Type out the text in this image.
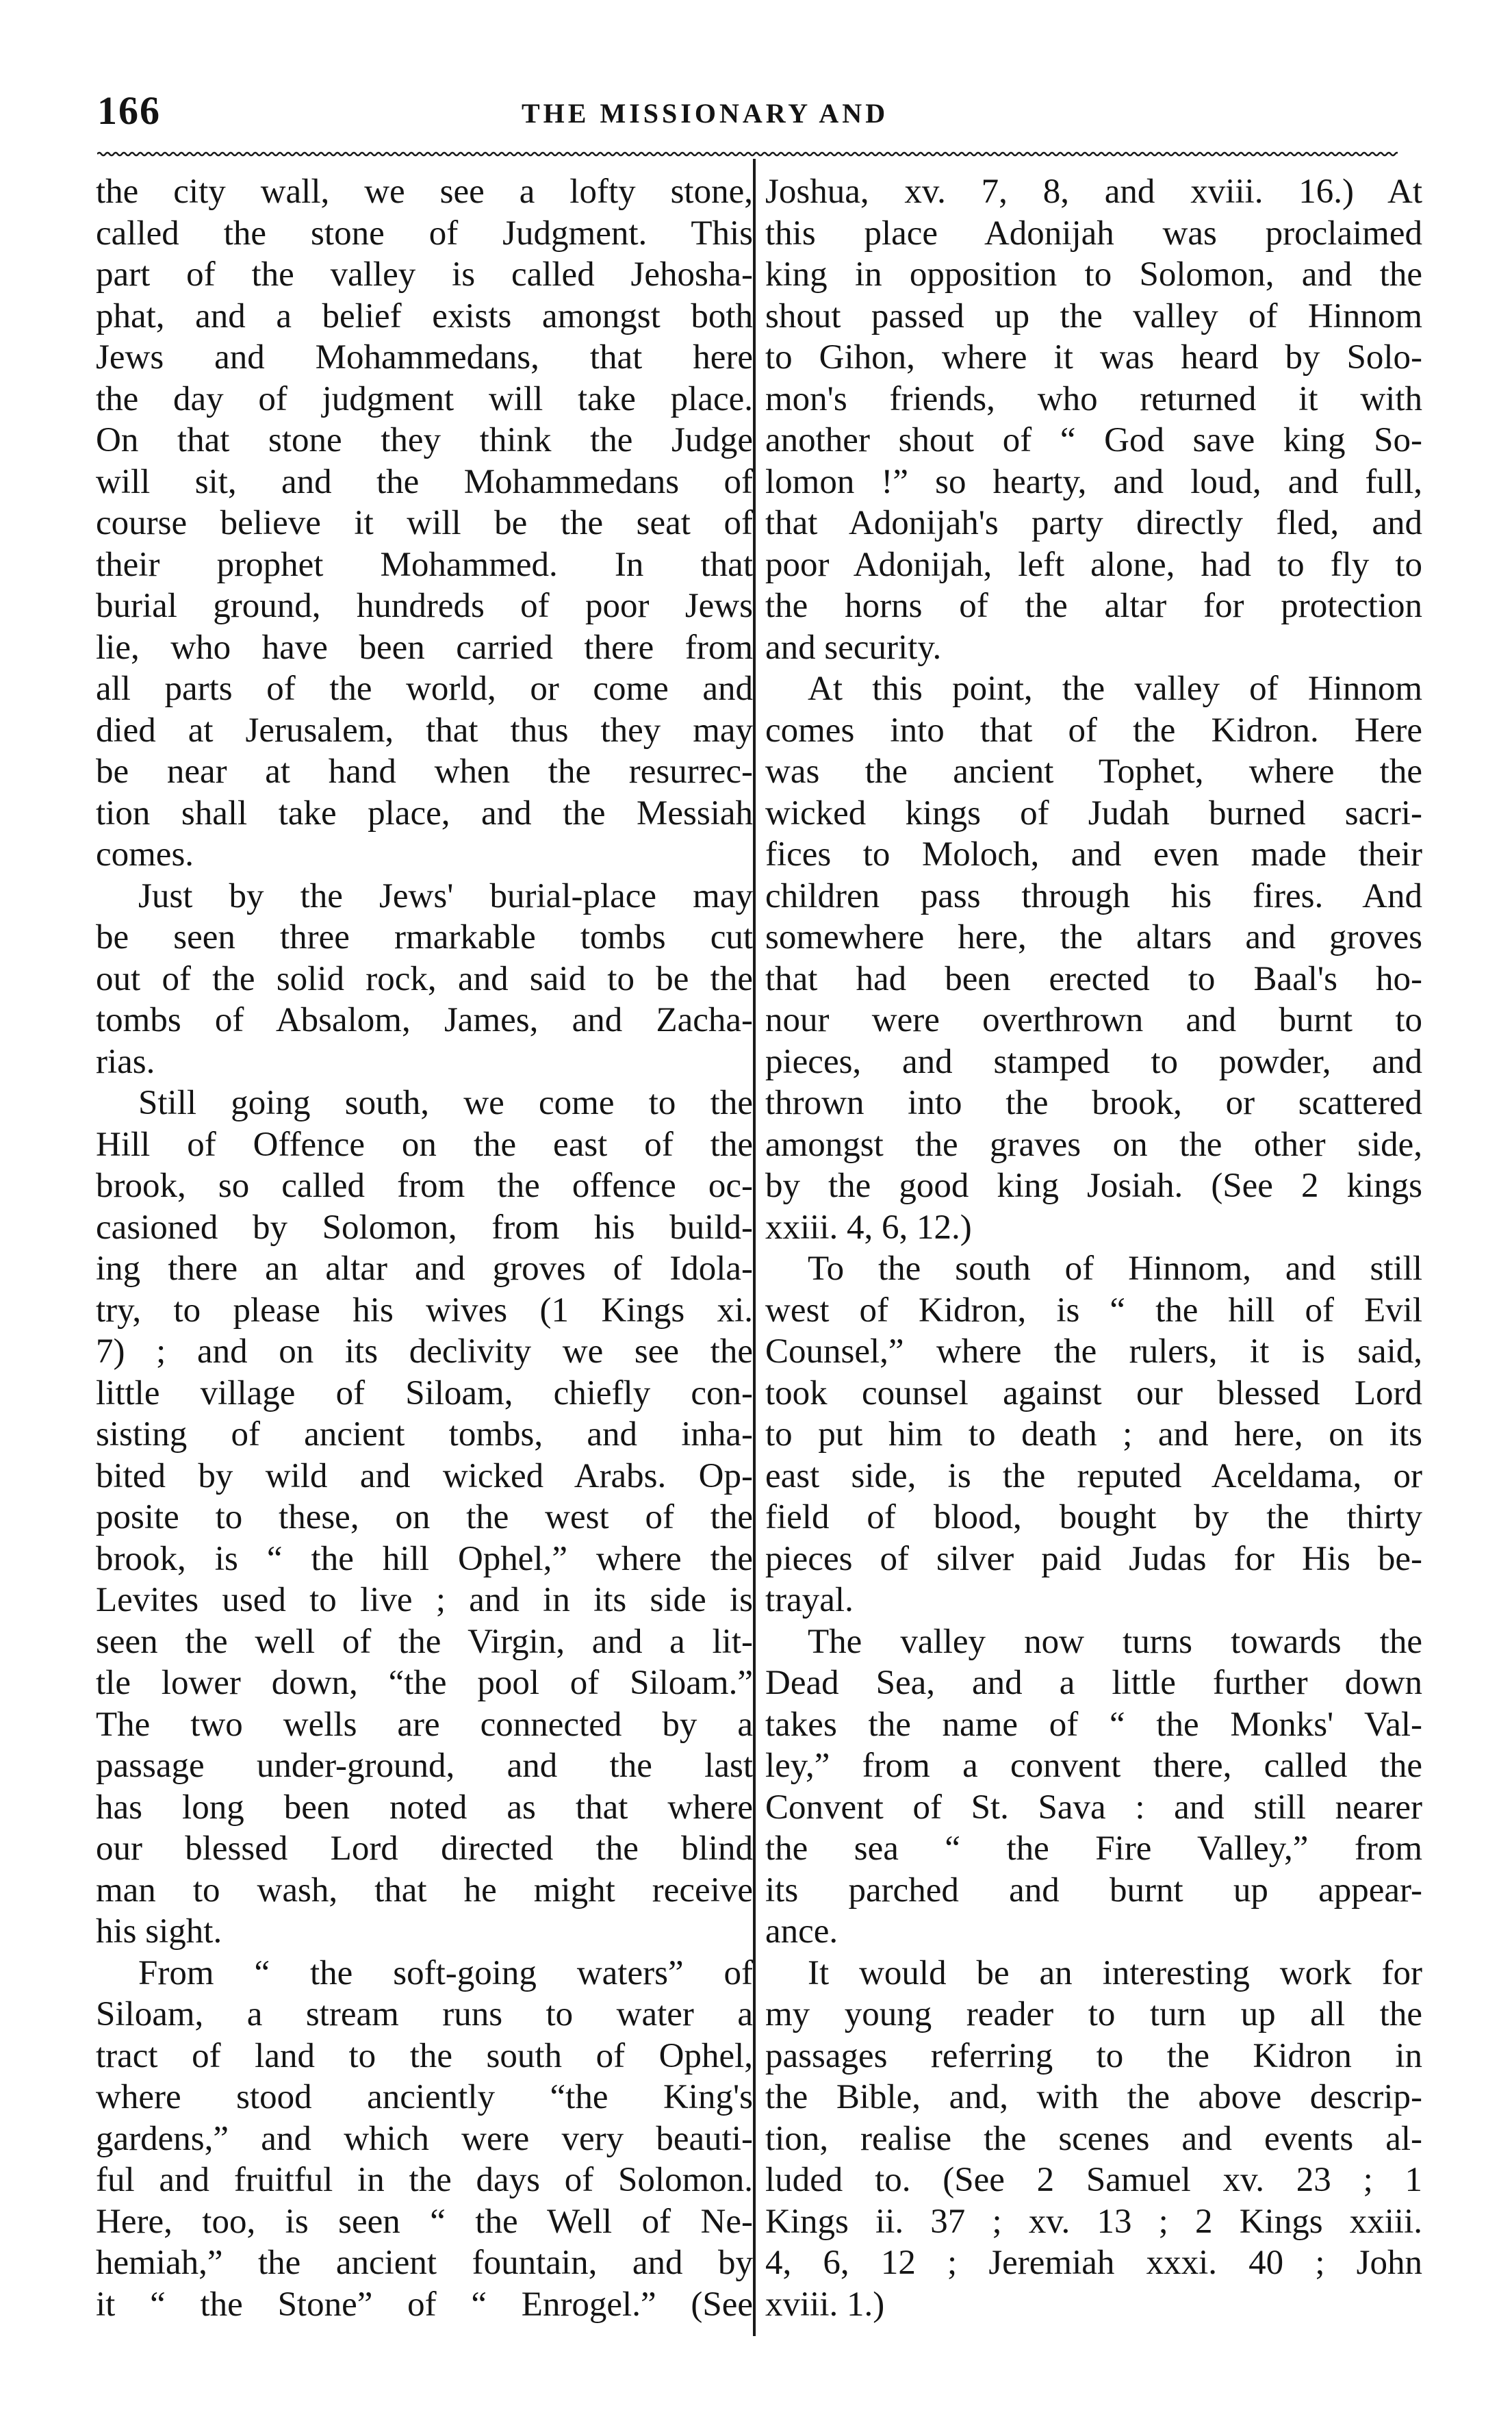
166	THE MISSIONARY AND
the city wall, we see a lofty stone,
called the stone of Judgment. This
part of the valley is called Jehosha-
phat, and a belief exists amongst both
Jews and Mohammedans, that here
the day of judgment will take place.
On that stone they think the Judge
will sit, and the Mohammedans of
course believe it will be the seat of
their prophet Mohammed. In that
burial ground, hundreds of poor Jews
lie, who have been carried there from
all parts of the world, or come and
died at Jerusalem, that thus they may
be near at hand when the resurrec-
tion shall take place, and the Messiah
comes.
Just by the Jews' burial-place may
be seen three rmarkable tombs cut
out of the solid rock, and said to be the
tombs of Absalom, James, and Zacha-
rias.
Still going south, we come to the
Hill of Offence on the east of the
brook, so called from the offence oc-
casioned by Solomon, from his build-
ing there an altar and groves of Idola-
try, to please his wives (1 Kings xi.
7) ; and on its declivity we see the
little village of Siloam, chiefly con-
sisting of ancient tombs, and inha-
bited by wild and wicked Arabs. Op-
posite to these, on the west of the
brook, is “ the hill Ophel,” where the
Levites used to live ; and in its side is
seen the well of the Virgin, and a lit-
tle lower down, “the pool of Siloam.”
The two wells are connected by a
passage under-ground, and the last
has long been noted as that where
our blessed Lord directed the blind
man to wash, that he might receive
his sight.
From “ the soft-going waters” of
Siloam, a stream runs to water a
tract of land to the south of Ophel,
where stood anciently “the King's
gardens,” and which were very beauti-
ful and fruitful in the days of Solomon.
Here, too, is seen “ the Well of Ne-
hemiah,” the ancient fountain, and by
it “ the Stone” of “ Enrogel.” (See
Joshua, xv. 7, 8, and xviii. 16.) At
this place Adonijah was proclaimed
king in opposition to Solomon, and the
shout passed up the valley of Hinnom
to Gihon, where it was heard by Solo-
mon's friends, who returned it with
another shout of “ God save king So-
lomon !” so hearty, and loud, and full,
that Adonijah's party directly fled, and
poor Adonijah, left alone, had to fly to
the horns of the altar for protection
and security.
At this point, the valley of Hinnom
comes into that of the Kidron. Here
was the ancient Tophet, where the
wicked kings of Judah burned sacri-
fices to Moloch, and even made their
children pass through his fires. And
somewhere here, the altars and groves
that had been erected to Baal's ho-
nour were overthrown and burnt to
pieces, and stamped to powder, and
thrown into the brook, or scattered
amongst the graves on the other side,
by the good king Josiah. (See 2 kings
xxiii. 4, 6, 12.)
To the south of Hinnom, and still
west of Kidron, is “ the hill of Evil
Counsel,” where the rulers, it is said,
took counsel against our blessed Lord
to put him to death ; and here, on its
east side, is the reputed Aceldama, or
field of blood, bought by the thirty
pieces of silver paid Judas for His be-
trayal.
The valley now turns towards the
Dead Sea, and a little further down
takes the name of “ the Monks' Val-
ley,” from a convent there, called the
Convent of St. Sava : and still nearer
the sea “ the Fire Valley,” from
its parched and burnt up appear-
ance.
It would be an interesting work for
my young reader to turn up all the
passages referring to the Kidron in
the Bible, and, with the above descrip-
tion, realise the scenes and events al-
luded to. (See 2 Samuel xv. 23 ; 1
Kings ii. 37 ; xv. 13 ; 2 Kings xxiii.
4, 6, 12 ; Jeremiah xxxi. 40 ; John
xviii. 1.)
